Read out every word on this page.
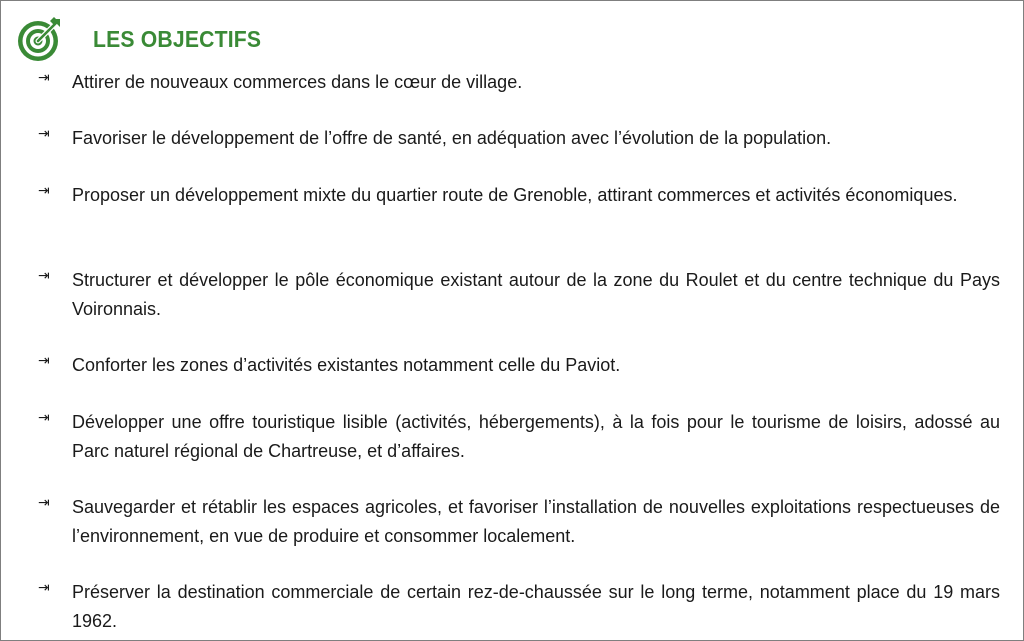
LES OBJECTIFS
⇥ Attirer de nouveaux commerces dans le cœur de village.
⇥ Favoriser le développement de l’offre de santé, en adéquation avec l’évolution de la population.
⇥ Proposer un développement mixte du quartier route de Grenoble, attirant commerces et activités économiques.
⇥ Structurer et développer le pôle économique existant autour de la zone du Roulet et du centre technique du Pays Voironnais.
⇥ Conforter les zones d’activités existantes notamment celle du Paviot.
⇥ Développer une offre touristique lisible (activités, hébergements), à la fois pour le tourisme de loisirs, adossé au Parc naturel régional de Chartreuse, et d’affaires.
⇥ Sauvegarder et rétablir les espaces agricoles, et favoriser l’installation de nouvelles exploitations respectueuses de l’environnement, en vue de produire et consommer localement.
⇥ Préserver la destination commerciale de certain rez-de-chaussée sur le long terme, notamment place du 19 mars 1962.
